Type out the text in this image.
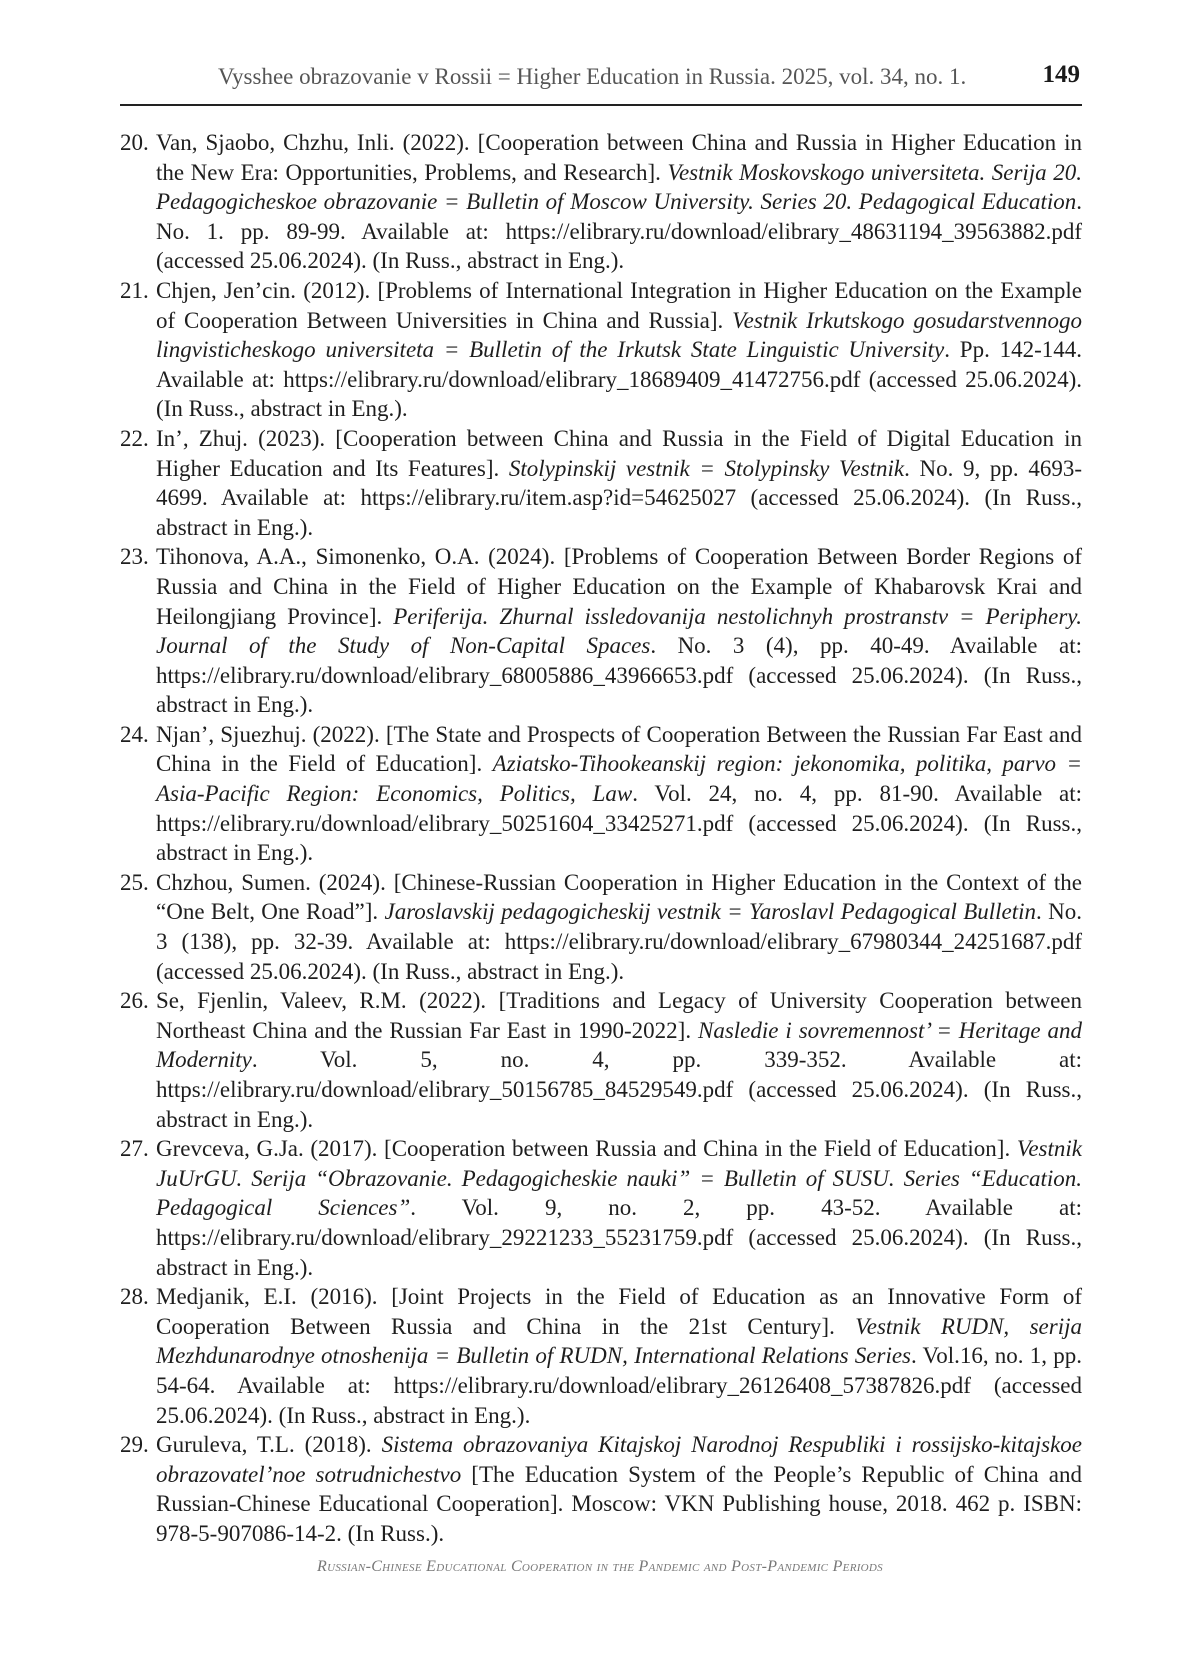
Vysshee obrazovanie v Rossii = Higher Education in Russia. 2025, vol. 34, no. 1.	149
20. Van, Sjaobo, Chzhu, Inli. (2022). [Cooperation between China and Russia in Higher Education in the New Era: Opportunities, Problems, and Research]. Vestnik Moskovskogo universiteta. Serija 20. Pedagogicheskoe obrazovanie = Bulletin of Moscow University. Series 20. Pedagogical Education. No. 1. pp. 89-99. Available at: https://elibrary.ru/download/elibrary_48631194_39563882.pdf (accessed 25.06.2024). (In Russ., abstract in Eng.).
21. Chjen, Jen’cin. (2012). [Problems of International Integration in Higher Education on the Example of Cooperation Between Universities in China and Russia]. Vestnik Irkutskogo gosudarstvennogo lingvisticheskogo universiteta = Bulletin of the Irkutsk State Linguistic University. Pp. 142-144. Available at: https://elibrary.ru/download/elibrary_18689409_41472756.pdf (accessed 25.06.2024). (In Russ., abstract in Eng.).
22. In’, Zhuj. (2023). [Cooperation between China and Russia in the Field of Digital Education in Higher Education and Its Features]. Stolypinskij vestnik = Stolypinsky Vestnik. No. 9, pp. 4693-4699. Available at: https://elibrary.ru/item.asp?id=54625027 (accessed 25.06.2024). (In Russ., abstract in Eng.).
23. Tihonova, A.A., Simonenko, O.A. (2024). [Problems of Cooperation Between Border Regions of Russia and China in the Field of Higher Education on the Example of Khabarovsk Krai and Heilongjiang Province]. Periferija. Zhurnal issledovanija nestolichnyh prostranstv = Periphery. Journal of the Study of Non-Capital Spaces. No. 3 (4), pp. 40-49. Available at: https://elibrary.ru/download/elibrary_68005886_43966653.pdf (accessed 25.06.2024). (In Russ., abstract in Eng.).
24. Njan’, Sjuezhuj. (2022). [The State and Prospects of Cooperation Between the Russian Far East and China in the Field of Education]. Aziatsko-Tihookeanskij region: jekonomika, politika, parvo = Asia-Pacific Region: Economics, Politics, Law. Vol. 24, no. 4, pp. 81-90. Available at: https://elibrary.ru/download/elibrary_50251604_33425271.pdf (accessed 25.06.2024). (In Russ., abstract in Eng.).
25. Chzhou, Sumen. (2024). [Chinese-Russian Cooperation in Higher Education in the Context of the “One Belt, One Road”]. Jaroslavskij pedagogicheskij vestnik = Yaroslavl Pedagogical Bulletin. No. 3 (138), pp. 32-39. Available at: https://elibrary.ru/download/elibrary_67980344_24251687.pdf (accessed 25.06.2024). (In Russ., abstract in Eng.).
26. Se, Fjenlin, Valeev, R.M. (2022). [Traditions and Legacy of University Cooperation between Northeast China and the Russian Far East in 1990-2022]. Nasledie i sovremennost’ = Heritage and Modernity. Vol. 5, no. 4, pp. 339-352. Available at: https://elibrary.ru/download/elibrary_50156785_84529549.pdf (accessed 25.06.2024). (In Russ., abstract in Eng.).
27. Grevceva, G.Ja. (2017). [Cooperation between Russia and China in the Field of Education]. Vestnik JuUrGU. Serija “Obrazovanie. Pedagogicheskie nauki” = Bulletin of SUSU. Series “Education. Pedagogical Sciences”. Vol. 9, no. 2, pp. 43-52. Available at: https://elibrary.ru/download/elibrary_29221233_55231759.pdf (accessed 25.06.2024). (In Russ., abstract in Eng.).
28. Medjanik, E.I. (2016). [Joint Projects in the Field of Education as an Innovative Form of Cooperation Between Russia and China in the 21st Century]. Vestnik RUDN, serija Mezhdunarodnye otnoshenija = Bulletin of RUDN, International Relations Series. Vol.16, no. 1, pp. 54-64. Available at: https://elibrary.ru/download/elibrary_26126408_57387826.pdf (accessed 25.06.2024). (In Russ., abstract in Eng.).
29. Guruleva, T.L. (2018). Sistema obrazovaniya Kitajskoj Narodnoj Respubliki i rossijsko-kitajskoe obrazovatel’noe sotrudnichestvo [The Education System of the People’s Republic of China and Russian-Chinese Educational Cooperation]. Moscow: VKN Publishing house, 2018. 462 p. ISBN: 978-5-907086-14-2. (In Russ.).
Russian-Chinese Educational Cooperation in the Pandemic and Post-Pandemic Periods
